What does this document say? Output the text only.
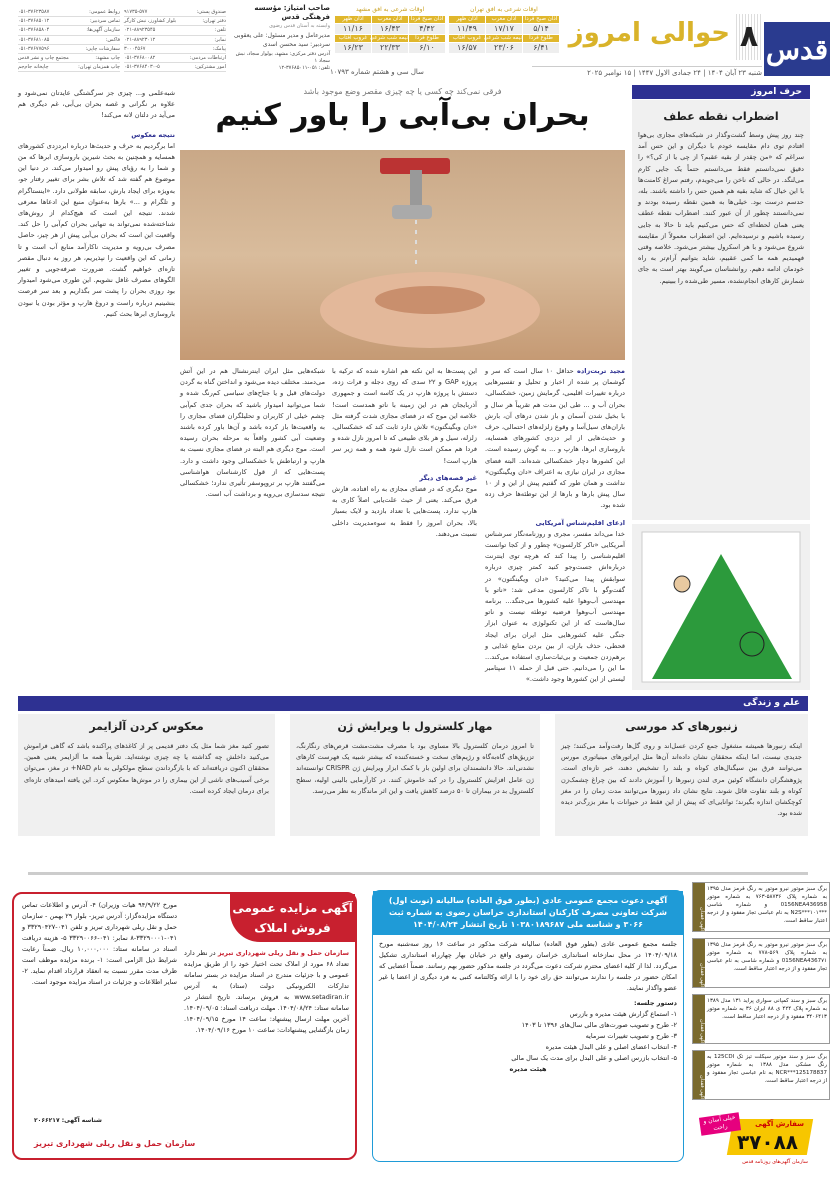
قدس
۸
حوالی امروز
شنبه ۲۳ آبان ۱۴۰۴ | ۲۴ جمادی الاول ۱۴۴۷ | ۱۵ نوامبر ۲۰۲۵
سال سی و هشتم شماره ۱۰۷۹۳
اوقات شرعی به افق تهران
اذان صبح فردا	اذان مغرب	اذان ظهر
۵/۱۴	۱۷/۱۷	۱۱/۴۹
طلوع فردا	نیمه شب شرعی	غروب آفتاب
۶/۴۱	۲۳/۰۶	۱۶/۵۷
اوقات شرعی به افق مشهد
اذان صبح فردا	اذان مغرب	اذان ظهر
۴/۴۲	۱۶/۴۳	۱۱/۱۶
طلوع فردا	نیمه شب شرعی	غروب آفتاب
۶/۱۰	۲۲/۳۳	۱۶/۲۳
صاحب امتیاز: مؤسسه فرهنگی قدس
وابسته به آستان قدس رضوی
مدیرعامل و مدیر مسئول: علی یعقوبی
سردبیر: سید محسن اسدی
آدرس دفتر مرکزی: مشهد، بولوار سجاد، نبش سجاد ۱
تلفن: ۰۵۱-۳۷۶۸۵۰۱۱-۱۲
صندوق پستی:
۹۱۷۳۵-۵۷۷
دفتر تهران:
بلوار کشاورز، نبش کارگر
تلفن:
۰۲۱-۸۸۹۲۳۵۴۵
نمابر:
۰۲۱-۸۸۹۲۳۰۱۲
پیامک:
۳۰۰۰۴۵۶۷
ارتباطات مردمی:
۰۵۱-۳۷۶۸۰۰۸۲
امور مشترکین:
۰۵۱-۳۷۶۸۴۰۳۰-۵
روابط عمومی:
۰۵۱-۳۷۶۲۳۵۸۷
تماس سردبیر:
۰۵۱-۳۷۶۸۵۰۱۲
سازمان آگهی‌ها:
۰۵۱-۳۷۶۸۵۸۰۴
فاکس:
۰۵۱-۳۷۶۸۱۰۸۵
سفارشات چاپی:
۰۵۱-۳۷۶۷۷۵۹۶
چاپ مشهد:
مجتمع چاپ و نشر قدس
چاپ همزمان تهران:
چاپخانه جام‌جم
حرف امروز
اضطراب نقطه عطف
چند روز پیش وسط گشت‌وگذار در شبکه‌های مجازی بی‌هوا افتادم توی دام مقایسه خودم با دیگران و این حس آمد سراغم که «من چقدر از بقیه عقبم؟ از چی یا از کی؟» را دقیق نمی‌دانستم فقط می‌دانستم حتماً یک جایی کارم می‌لنگد. در حالی که ناخن را می‌جویدم، رفتم سراغ کامنت‌ها با این خیال که شاید بقیه هم همین حس را داشته باشند. بله، حدسم درست بود. خیلی‌ها به همین نقطه رسیده بودند و نمی‌دانستند چطور از آن عبور کنند. اضطراب نقطه عطف یعنی همان لحظه‌ای که حس می‌کنیم باید تا حالا به جایی رسیده باشیم و نرسیده‌ایم. این اضطراب معمولاً از مقایسه شروع می‌شود و با هر اسکرول بیشتر می‌شود. خلاصه وقتی فهمیدیم همه ما کمی عقبیم، شاید بتوانیم آرام‌تر به راه خودمان ادامه دهیم. روانشناسان می‌گویند بهتر است به جای شمارش کارهای انجام‌نشده، مسیر طی‌شده را ببینیم.
فرقی نمی‌کند چه کسی یا چه چیزی مقصر وضع موجود باشد
بحران بی‌آبی را باور کنیم

شبه‌علمی و... چیزی جز سرگشتگی عایدتان نمی‌شود و علاوه بر نگرانی و غصه بحران بی‌آبی، غم دیگری هم می‌آید در دلتان لانه می‌کند!

نتیجه معکوس

اما برگردیم به حرف و حدیث‌ها درباره ابردزدی کشورهای همسایه و همچنین به بحث شیرین باروسازی ابرها که من و شما را به رؤیای پیش رو امیدوار می‌کند. در دنیا این موضوع هم گفته شد که تلاش بشر برای تغییر رفتار جو، به‌ویژه برای ایجاد بارش، سابقه طولانی دارد. «اینستاگرام و تلگرام و ...» بارها به‌عنوان منبع این ادعاها معرفی شدند. نتیجه این است که هیچ‌کدام از روش‌های شناخته‌شده نمی‌تواند به تنهایی بحران کم‌آبی را حل کند. واقعیت این است که بحران بی‌آبی پیش از هر چیز، حاصل مصرف بی‌رویه و مدیریت ناکارآمد منابع آب است و تا زمانی که این واقعیت را نپذیریم، هر روز به دنبال مقصر تازه‌ای خواهیم گشت. ضرورت صرفه‌جویی و تغییر الگوهای مصرف غافل نشویم. این طوری می‌شود امیدوار بود روزی بحران را پشت سر بگذاریم و بعد سر فرصت بنشینیم درباره راست و دروغ هارپ و مؤثر بودن یا نبودن باروسازی ابرها بحث کنیم.

مجید تربت‌زاده حداقل ۱۰ سال است که سر و گوشمان پر شده از اخبار و تحلیل و تفسیرهایی درباره تغییرات اقلیمی، گرمایش زمین، خشکسالی، بحران آب و ... طی این مدت هم تقریباً هر سال و با بخیل شدن آسمان و باز شدن درهای آن، بارش باران‌های سیل‌آسا و وقوع زلزله‌های احتمالی، حرف و حدیث‌هایی از ابر دزدی کشورهای همسایه، باروسازی ابرها، هارپ و ... به گوش رسیده است. این کشورها دچار خشکسالی شده‌اند. البته فضای مجازی در ایران نیازی به اعتراف «دان ویگینگتون» نداشت و همان طور که گفتیم پیش از این و از ۱۰ سال پیش بارها و بارها از این توطئه‌ها حرف زده شده بود.

ادعای اقلیم‌شناس آمریکایی

خدا می‌داند مفسر، مجری و روزنامه‌نگار سرشناس آمریکایی «تاکر کارلسون» چطور و از کجا توانست اقلیم‌شناسی را پیدا کند که هرچه توی اینترنت درباره‌اش جست‌وجو کنید کمتر چیزی درباره سوابقش پیدا می‌کنید؟ «دان ویگینگتون» در گفت‌وگو با تاکر کارلسون مدعی شد: «ناتو با مهندسی آب‌وهوا علیه کشورها می‌جنگد... برنامه مهندسی آب‌وهوا فرضیه توطئه نیست و ناتو سال‌هاست که از این تکنولوژی به عنوان ابزار جنگی علیه کشورهایی مثل ایران برای ایجاد قحطی، حذف باران، از بین بردن منابع غذایی و برهم‌زدن جمعیت و بی‌ثبات‌سازی استفاده می‌کند... ما این را می‌دانیم. حتی قبل از حمله ۱۱ سپتامبر لیستی از این کشورها وجود داشت.»

این پست‌ها به این نکته هم اشاره شده که ترکیه با پروژه GAP و ۲۲ سدی که روی دجله و فرات زده، دستش با پروژه هارپ در یک کاسه است و جمهوری آذربایجان هم در این زمینه با ناتو همدست است! خلاصه این موج که در فضای مجازی شدت گرفته مثل «دان ویگینگتون» تلاش دارد ثابت کند که خشکسالی، زلزله، سیل و هر بلای طبیعی که تا امروز نازل شده و فردا هم ممکن است نازل شود همه و همه زیر سر هارپ است!

غیر قصه‌های دیگر

موج دیگری که در فضای مجازی به راه افتاده، فارش فرق می‌کند. یعنی از حیث علت‌یابی اصلاً کاری به هارپ ندارد. پست‌هایی با تعداد بازدید و لایک بسیار بالا، بحران امروز را فقط به سوءمدیریت داخلی نسبت می‌دهند.

شبکه‌هایی مثل ایران اینترنشنال هم در این آتش می‌دمند. مختلف دیده می‌شود و انداختن گناه به گردن دولت‌های قبل و یا جناح‌های سیاسی کم‌رنگ شده و شما می‌توانید امیدوار باشید که بحران جدی کم‌آبی چشم خیلی از کاربران و تحلیلگران فضای مجازی را به واقعیت‌ها باز کرده باشد و آن‌ها باور کرده باشند وضعیت آبی کشور واقعاً به مرحله بحران رسیده است. موج دیگری هم البته در فضای مجازی نسبت به هارپ و ارتباطش با خشکسالی وجود داشت و دارد. پست‌هایی که از قول کارشناسان هواشناسی می‌گفتند هارپ بر تروپوسفر تأثیری ندارد؛ خشکسالی نتیجه سدسازی بی‌رویه و برداشت آب است.

علم و زندگی
زنبورهای کد مورسی
اینکه زنبورها همیشه مشغول جمع کردن عسل‌اند و روی گل‌ها رفت‌وآمد می‌کنند؛ چیز جدیدی نیست، اما اینکه محققان نشان داده‌اند آن‌ها مثل اپراتورهای مینیاتوری مورس می‌توانند فرق بین سیگنال‌های کوتاه و بلند را تشخیص دهند، خبر تازه‌ای است. پژوهشگران دانشگاه کوئین مری لندن زنبورها را آموزش دادند که بین چراغ چشمک‌زن کوتاه و بلند تفاوت قائل شوند. نتایج نشان داد زنبورها می‌توانند مدت زمان را در مغز کوچکشان اندازه بگیرند؛ توانایی‌ای که پیش از این فقط در حیوانات با مغز بزرگ‌تر دیده شده بود.
مهار کلسترول با ویرایش ژن
تا امروز درمان کلسترول بالا مساوی بود با مصرف مشت‌مشت قرص‌های رنگارنگ، تزریق‌های گاه‌به‌گاه و رژیم‌های سخت و خسته‌کننده که بیشتر شبیه یک فهرست کارهای نشدنی‌اند. حالا دانشمندان برای اولین بار با کمک ابزار ویرایش ژن CRISPR توانسته‌اند ژن عامل افزایش کلسترول را در کبد خاموش کنند. در کارآزمایی بالینی اولیه، سطح کلسترول بد در بیماران تا ۵۰ درصد کاهش یافت و این اثر ماندگار به نظر می‌رسد.
معکوس کردن آلزایمر
تصور کنید مغز شما مثل یک دفتر قدیمی پر از کاغذهای پراکنده باشد که گاهی فراموش می‌کنید داخلش چه گذاشته یا چه چیزی نوشته‌اید. تقریباً همه ما آلزایمر یعنی همین. محققان اکنون دریافته‌اند که با بازگرداندن سطح مولکولی به نام NAD+ در مغز، می‌توان برخی آسیب‌های ناشی از این بیماری را در موش‌ها معکوس کرد. این یافته امیدهای تازه‌ای برای درمان ایجاد کرده است.
برگ سبز موتور نیرو موتور به رنگ قرمز مدل ۱۳۹۵ به شماره پلاک ۵۸۷۳۶-۷۶۳ به شماره موتور 0156NEA436958 و شماره شاسی ***N2S***۱۰۱ به نام عباسی تجار مفقود و از درجه اعتبار ساقط است.
آگهی فقدان
برگ سبز موتور نیرو موتور به رنگ قرمز مدل ۱۳۹۵ به شماره پلاک ۵۶۹-۷۷۸ به شماره موتور 0156NEA4367۷۱ و شماره شاسی به نام عباسی تجار مفقود و از درجه اعتبار ساقط است.
آگهی فقدان
برگ سبز و سند کمپانی سواری پراید ۱۳۱ مدل ۱۳۸۹ به شماره پلاک ۴۲۴ ی ۸۸ ایران ۳۶ به شماره موتور ۳۴۰۶۴۱۳ مفقود و از درجه اعتبار ساقط است.
آگهی فقدان
برگ سبز و سند موتور سیکلت تیز تک 125CDI به رنگ مشکی مدل ۱۳۸۸ به شماره موتور NCR***125178837 به نام عباسی تجار مفقود و از درجه اعتبار ساقط است.
آگهی فقدان
خیلی آسان و راحت	سفارش آگهی
۳۷۰۸۸
سازمان آگهی‌های روزنامه قدس
آگهی دعوت مجمع عمومی عادی (بطور فوق العاده) سالیانه (نوبت اول) شرکت تعاونی مصرف کارکنان استانداری خراسان رضوی به شماره ثبت ۳۰۶۶ و شناسه ملی ۱۰۳۸۰۱۸۹۶۸۷ تاریخ انتشار ۱۴۰۴/۰۸/۲۴
جلسه مجمع عمومی عادی (بطور فوق العاده) سالیانه شرکت مذکور در ساعت ۱۶ روز سه‌شنبه مورخ ۱۴۰۴/۰۹/۱۸ در محل نمازخانه استانداری خراسان رضوی واقع در خیابان بهار چهارراه استانداری تشکیل می‌گردد. لذا از کلیه اعضای محترم شرکت دعوت می‌گردد در جلسه مذکور حضور بهم رسانند. ضمناً اعضایی که امکان حضور در جلسه را ندارند می‌توانند حق رای خود را با ارائه وکالتنامه کتبی به فرد دیگری از اعضا یا غیر عضو واگذار نمایند.
دستور جلسه:
۱- استماع گزارش هیئت مدیره و بازرس
۲- طرح و تصویب صورت‌های مالی سال‌های ۱۳۹۶ تا ۱۴۰۳
۳- طرح و تصویب تغییرات سرمایه
۴- انتخاب اعضای اصلی و علی البدل هیئت مدیره
۵- انتخاب بازرس اصلی و علی البدل برای مدت یک سال مالی
هیئت مدیره
آگهی مزایده عمومی
فروش املاک
سازمان حمل و نقل ریلی شهرداری تبریز در نظر دارد تعداد ۶۸ مورد از املاک تحت اختیار خود را از طریق مزایده عمومی و با جزئیات مندرج در اسناد مزایده در بستر سامانه تدارکات الکترونیکی دولت (ستاد) به آدرس www.setadiran.ir به فروش برساند. تاریخ انتشار در سامانه ستاد: ۱۴۰۴/۰۸/۲۴. مهلت دریافت اسناد: ۱۴۰۴/۰۹/۰۵. آخرین مهلت ارسال پیشنهاد: ساعت ۱۴ مورخ ۱۴۰۴/۰۹/۱۵. زمان بازگشایی پیشنهادات: ساعت ۱۰ مورخ ۱۴۰۴/۰۹/۱۶.
مورخ ۹۴/۹/۲۲ هیات وزیران) ۴- آدرس و اطلاعات تماس دستگاه مزایده‌گزار: آدرس تبریز- بلوار ۲۹ بهمن - سازمان حمل و نقل ریلی شهرداری تبریز و تلفن ۰۴۱-۳۳۲۹۰۴۲۷ و ۰۴۱-۳۳۲۹۰۰۰۱-۸ نمابر: ۰۴۱-۳۳۲۹۰۰۶۶ ۵- هزینه دریافت اسناد در سامانه ستاد: ۱۰,۰۰۰,۰۰۰ ریال. ضمناً رعایت شرایط ذیل الزامی است: ۱- برنده مزایده موظف است ظرف مدت مقرر نسبت به انعقاد قرارداد اقدام نماید. ۲- سایر اطلاعات و جزئیات در اسناد مزایده موجود است.
شناسه آگهی: ۲۰۶۶۲۱۷
سازمان حمل و نقل ریلی شهرداری تبریز
